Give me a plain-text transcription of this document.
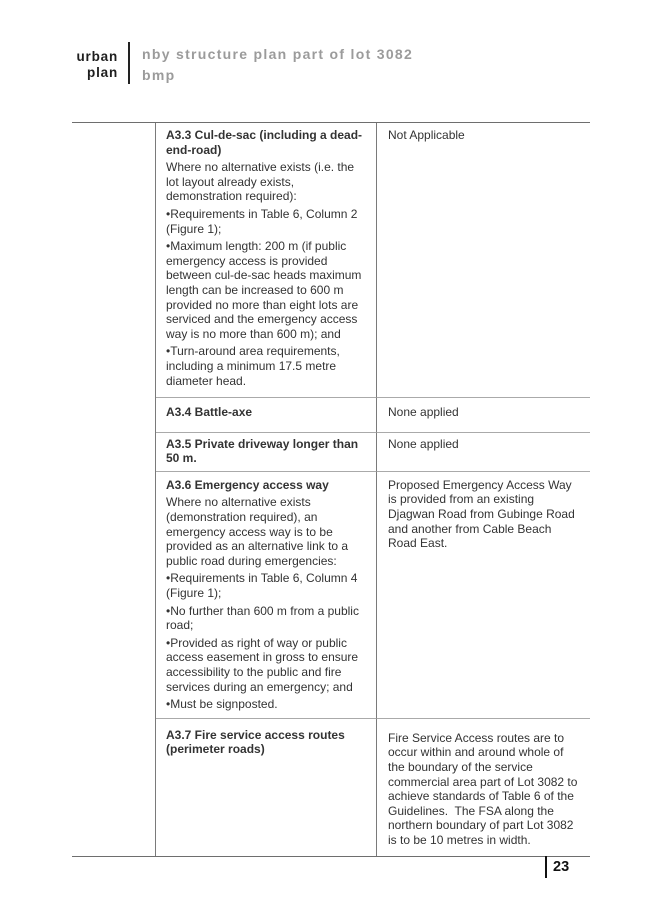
urban
plan
nby structure plan part of lot 3082
bmp
A3.3 Cul-de-sac (including a dead-end-road)
Where no alternative exists (i.e. the lot layout already exists, demonstration required):
•Requirements in Table 6, Column 2 (Figure 1);
•Maximum length: 200 m (if public emergency access is provided between cul-de-sac heads maximum length can be increased to 600 m provided no more than eight lots are serviced and the emergency access way is no more than 600 m); and
•Turn-around area requirements, including a minimum 17.5 metre diameter head.
Not Applicable
A3.4 Battle-axe	None applied
A3.5 Private driveway longer than 50 m.
None applied
A3.6 Emergency access way
Where no alternative exists (demonstration required), an emergency access way is to be provided as an alternative link to a public road during emergencies:
•Requirements in Table 6, Column 4 (Figure 1);
•No further than 600 m from a public road;
•Provided as right of way or public access easement in gross to ensure accessibility to the public and fire services during an emergency; and
•Must be signposted.
Proposed Emergency Access Way is provided from an existing Djagwan Road from Gubinge Road and another from Cable Beach Road East.
A3.7 Fire service access routes (perimeter roads)
Fire Service Access routes are to occur within and around whole of the boundary of the service commercial area part of Lot 3082 to achieve standards of Table 6 of the Guidelines.  The FSA along the northern boundary of part Lot 3082 is to be 10 metres in width.
23
